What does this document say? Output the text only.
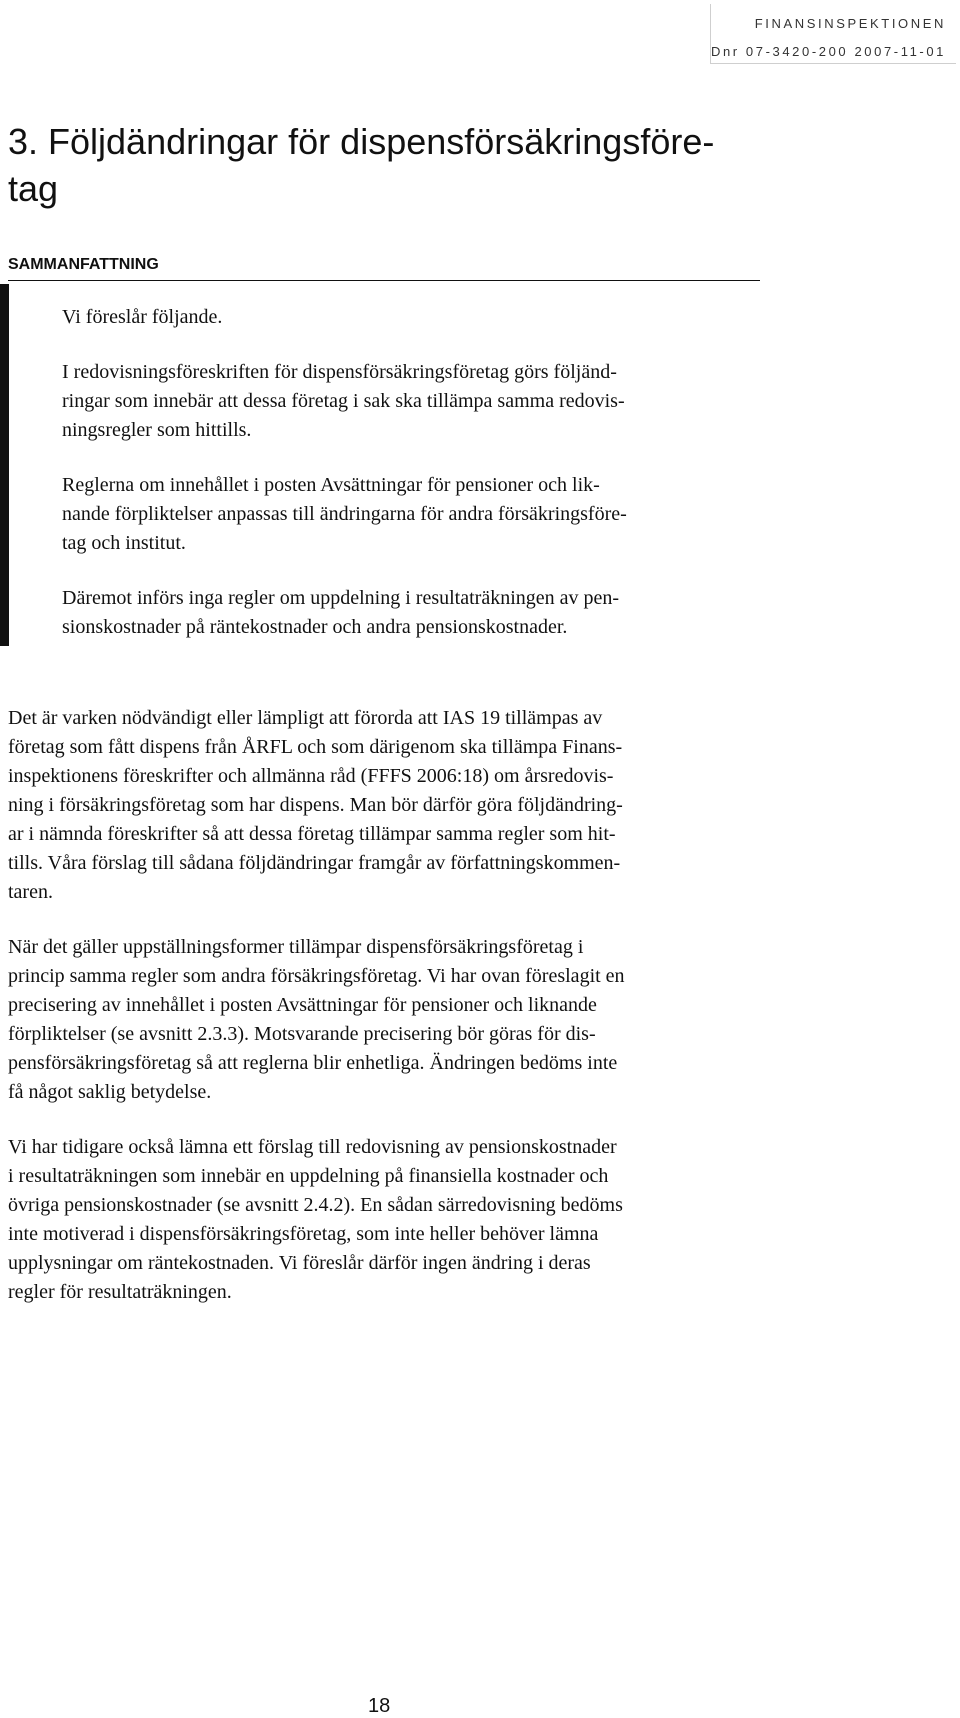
FINANSINSPEKTIONEN
Dnr 07-3420-200 2007-11-01
3. Följdändringar för dispensförsäkringsföre-
tag
SAMMANFATTNING
Vi föreslår följande.
I redovisningsföreskriften för dispensförsäkringsföretag görs följänd-
ringar som innebär att dessa företag i sak ska tillämpa samma redovis-
ningsregler som hittills.
Reglerna om innehållet i posten Avsättningar för pensioner och lik-
nande förpliktelser anpassas till ändringarna för andra försäkringsföre-
tag och institut.
Däremot införs inga regler om uppdelning i resultaträkningen av pen-
sionskostnader på räntekostnader och andra pensionskostnader.
Det är varken nödvändigt eller lämpligt att förorda att IAS 19 tillämpas av
företag som fått dispens från ÅRFL och som därigenom ska tillämpa Finans-
inspektionens föreskrifter och allmänna råd (FFFS 2006:18) om årsredovis-
ning i försäkringsföretag som har dispens. Man bör därför göra följdändring-
ar i nämnda föreskrifter så att dessa företag tillämpar samma regler som hit-
tills. Våra förslag till sådana följdändringar framgår av författningskommen-
taren.
När det gäller uppställningsformer tillämpar dispensförsäkringsföretag i
princip samma regler som andra försäkringsföretag. Vi har ovan föreslagit en
precisering av innehållet i posten Avsättningar för pensioner och liknande
förpliktelser (se avsnitt 2.3.3). Motsvarande precisering bör göras för dis-
pensförsäkringsföretag så att reglerna blir enhetliga. Ändringen bedöms inte
få något saklig betydelse.
Vi har tidigare också lämna ett förslag till redovisning av pensionskostnader
i resultaträkningen som innebär en uppdelning på finansiella kostnader och
övriga pensionskostnader (se avsnitt 2.4.2). En sådan särredovisning bedöms
inte motiverad i dispensförsäkringsföretag, som inte heller behöver lämna
upplysningar om räntekostnaden. Vi föreslår därför ingen ändring i deras
regler för resultaträkningen.
18
